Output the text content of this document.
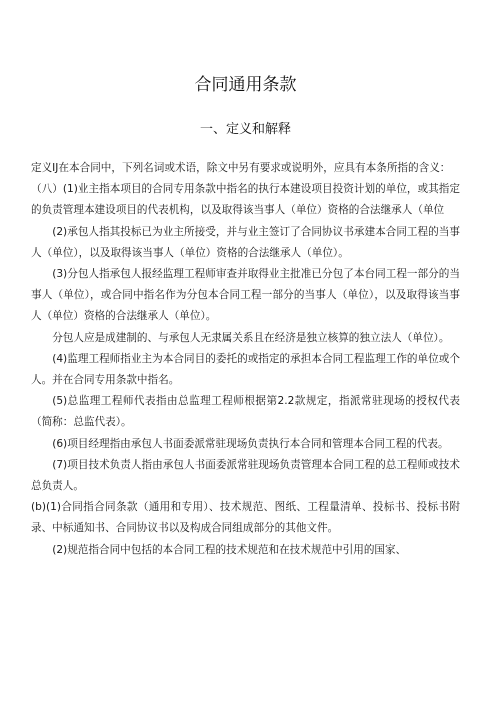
合同通用条款
一、定义和解释

定义IJ在本合同中，下列名词或术语，除文中另有要求或说明外，应具有本条所指的含义：

（八）(1)业主指本项目的合同专用条款中指名的执行本建设项目投资计划的单位，或其指定的负责管理本建设项目的代表机构，以及取得该当事人（单位）资格的合法继承人（单位

(2)承包人指其投标已为业主所接受，并与业主签订了合同协议书承建本合同工程的当事人（单位），以及取得该当事人（单位）资格的合法继承人（单位）。

(3)分包人指承包人报经监理工程师审查并取得业主批准已分包了本台同工程一部分的当事人（单位），或合同中指名作为分包本合同工程一部分的当事人（单位），以及取得该当事人（单位）资格的合法继承人（单位）。

分包人应是成建制的、与承包人无隶属关系且在经济是独立核算的独立法人（单位）。

(4)监理工程师指业主为本合同目的委托的或指定的承担本合同工程监理工作的单位或个人。并在合同专用条款中指名。

(5)总监理工程师代表指由总监理工程师根据第2.2款规定，指派常驻现场的授权代表（简称：总监代表）。

(6)项目经理指由承包人书面委派常驻现场负责执行本合同和管理本合同工程的代表。

(7)项目技术负责人指由承包人书面委派常驻现场负责管理本合同工程的总工程师或技术总负责人。

(b)(1)合同指合同条款（通用和专用）、技术规范、图纸、工程量清单、投标书、投标书附录、中标通知书、合同协议书以及构成合同组成部分的其他文件。

(2)规范指合同中包括的本合同工程的技术规范和在技术规范中引用的国家、
